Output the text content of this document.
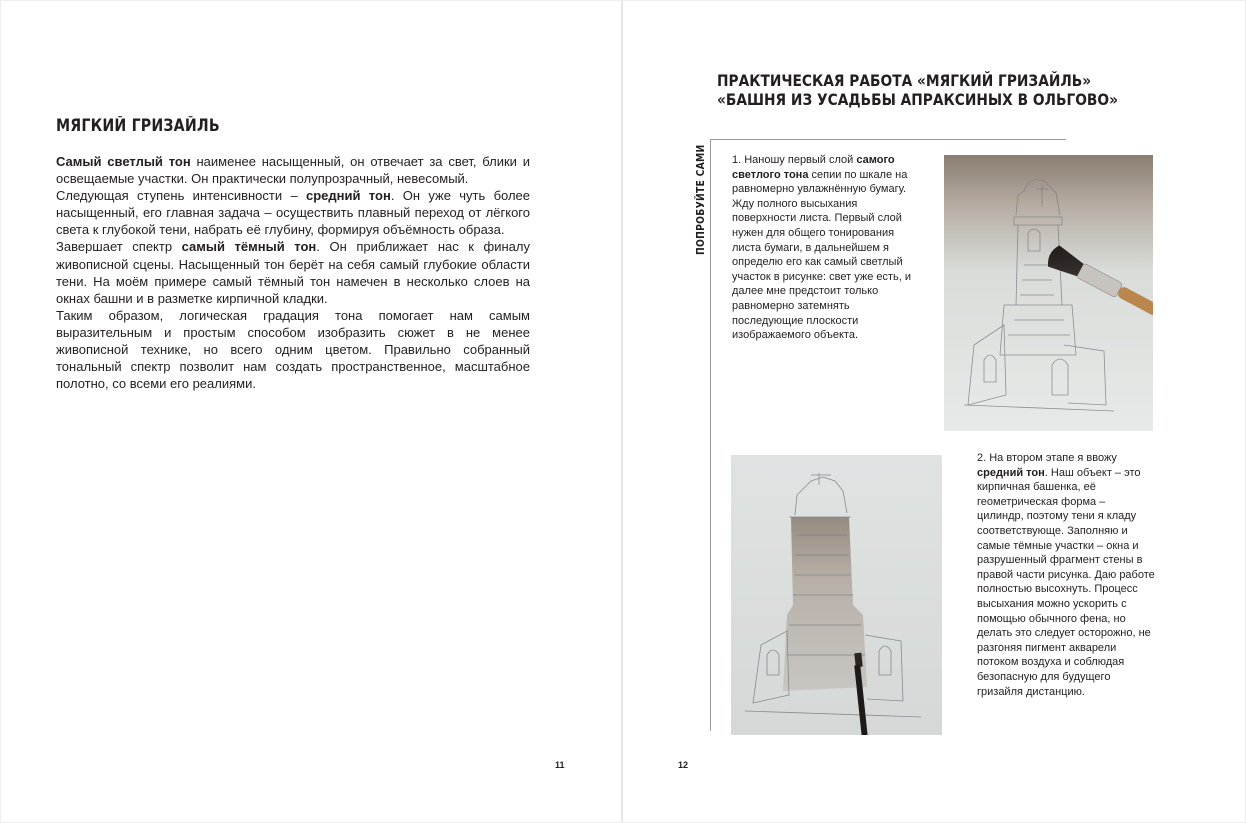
МЯГКИЙ ГРИЗАЙЛЬ

Самый светлый тон наименее насыщенный, он отвечает за свет, блики и освещаемые участки. Он практически полупрозрачный, невесомый.

Следующая ступень интенсивности – средний тон. Он уже чуть более насыщенный, его главная задача – осуществить плавный переход от лёгкого света к глубокой тени, набрать её глубину, формируя объёмность образа.

Завершает спектр самый тёмный тон. Он приближает нас к финалу живописной сцены. Насыщенный тон берёт на себя самый глубокие области тени. На моём примере самый тёмный тон намечен в несколько слоев на окнах башни и в разметке кирпичной кладки.

Таким образом, логическая градация тона помогает нам самым выразительным и простым способом изобразить сюжет в не менее живописной технике, но всего одним цветом. Правильно собранный тональный спектр позволит нам создать пространственное, масштабное полотно, со всеми его реалиями.

11
ПРАКТИЧЕСКАЯ РАБОТА «МЯГКИЙ ГРИЗАЙЛЬ»
«БАШНЯ ИЗ УСАДЬБЫ АПРАКСИНЫХ В ОЛЬГОВО»
ПОПРОБУЙТЕ САМИ 1. Наношу первый слой самого светлого тона сепии по шкале на равномерно увлажнённую бумагу. Жду полного высыхания поверхности листа. Первый слой нужен для общего тонирования листа бумаги, в дальнейшем я определю его как самый светлый участок в рисунке: свет уже есть, и далее мне предстоит только равномерно затемнять последующие плоскости изображаемого объекта.
2. На втором этапе я ввожу средний тон. Наш объект – это кирпичная башенка, её геометрическая форма – цилиндр, поэтому тени я кладу соответствующе. Заполняю и самые тёмные участки – окна и разрушенный фрагмент стены в правой части рисунка. Даю работе полностью высохнуть. Процесс высыхания можно ускорить с помощью обычного фена, но делать это следует осторожно, не разгоняя пигмент акварели потоком воздуха и соблюдая безопасную для будущего гризайля дистанцию.
12
